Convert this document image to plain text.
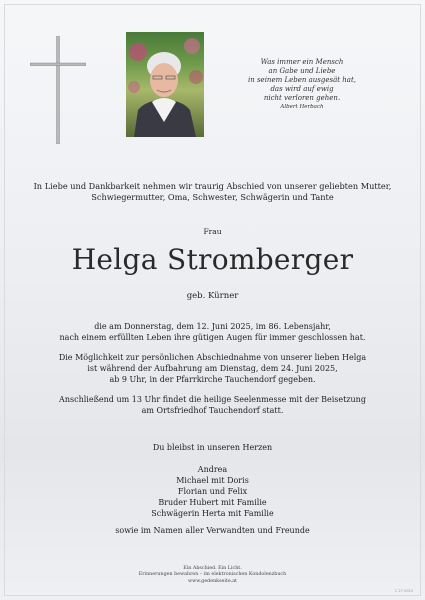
Was immer ein Mensch
an Gabe und Liebe
in seinem Leben ausgesät hat,
das wird auf ewig
nicht verloren gehen.
Albert Herbach
In Liebe und Dankbarkeit nehmen wir traurig Abschied von unserer geliebten Mutter,
Schwiegermutter, Oma, Schwester, Schwägerin und Tante
Frau
Helga Stromberger
geb. Kürner
die am Donnerstag, dem 12. Juni 2025, im 86. Lebensjahr,
nach einem erfüllten Leben ihre gütigen Augen für immer geschlossen hat.
Die Möglichkeit zur persönlichen Abschiednahme von unserer lieben Helga
ist während der Aufbahrung am Dienstag, dem 24. Juni 2025,
ab 9 Uhr, in der Pfarrkirche Tauchendorf gegeben.
Anschließend um 13 Uhr findet die heilige Seelenmesse mit der Beisetzung
am Ortsfriedhof Tauchendorf statt.
Du bleibst in unseren Herzen
Andrea
Michael mit Doris
Florian und Felix
Bruder Hubert mit Familie
Schwägerin Herta mit Familie
sowie im Namen aller Verwandten und Freunde
Ein Abschied. Ein Licht.
Erinnerungen bewahren – im elektronischen Kondolenzbuch
www.gedenkseite.at
C 27 0023
